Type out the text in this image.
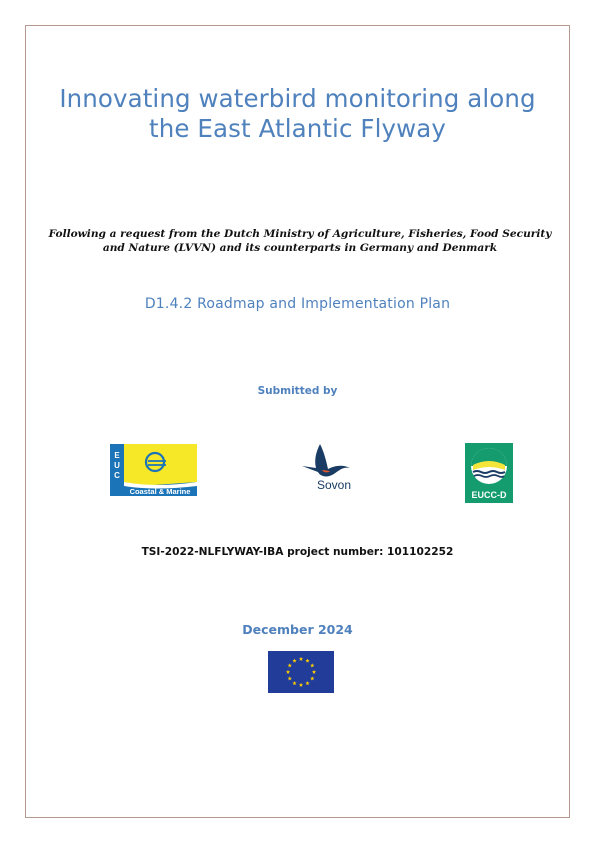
Innovating waterbird monitoring along
the East Atlantic Flyway
Following a request from the Dutch Ministry of Agriculture, Fisheries, Food Security
and Nature (LVVN) and its counterparts in Germany and Denmark
D1.4.2 Roadmap and Implementation Plan
Submitted by
E
U
C
Coastal & Marine	Sovon
EUCC-D
TSI-2022-NLFLYWAY-IBA project number: 101102252
December 2024
